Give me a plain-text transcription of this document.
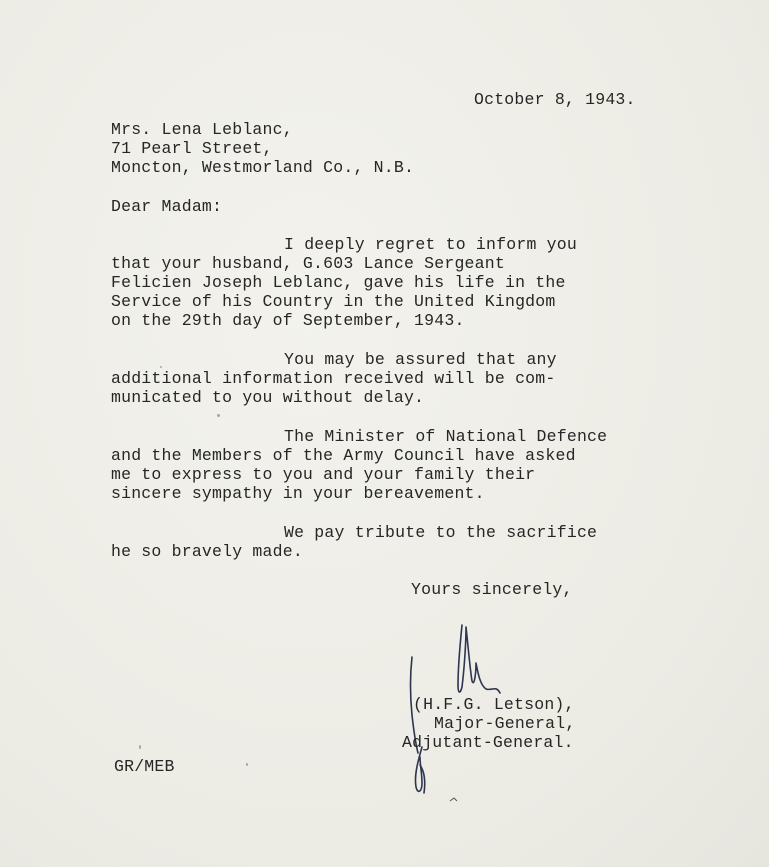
October 8, 1943.
Mrs. Lena Leblanc,
71 Pearl Street,
Moncton, Westmorland Co., N.B.
Dear Madam:
I deeply regret to inform you
that your husband, G.603 Lance Sergeant
Felicien Joseph Leblanc, gave his life in the
Service of his Country in the United Kingdom
on the 29th day of September, 1943.
You may be assured that any
additional information received will be com-
municated to you without delay.
The Minister of National Defence
and the Members of the Army Council have asked
me to express to you and your family their
sincere sympathy in your bereavement.
We pay tribute to the sacrifice
he so bravely made.
Yours sincerely,
(H.F.G. Letson),
Major-General,
Adjutant-General.
GR/MEB
